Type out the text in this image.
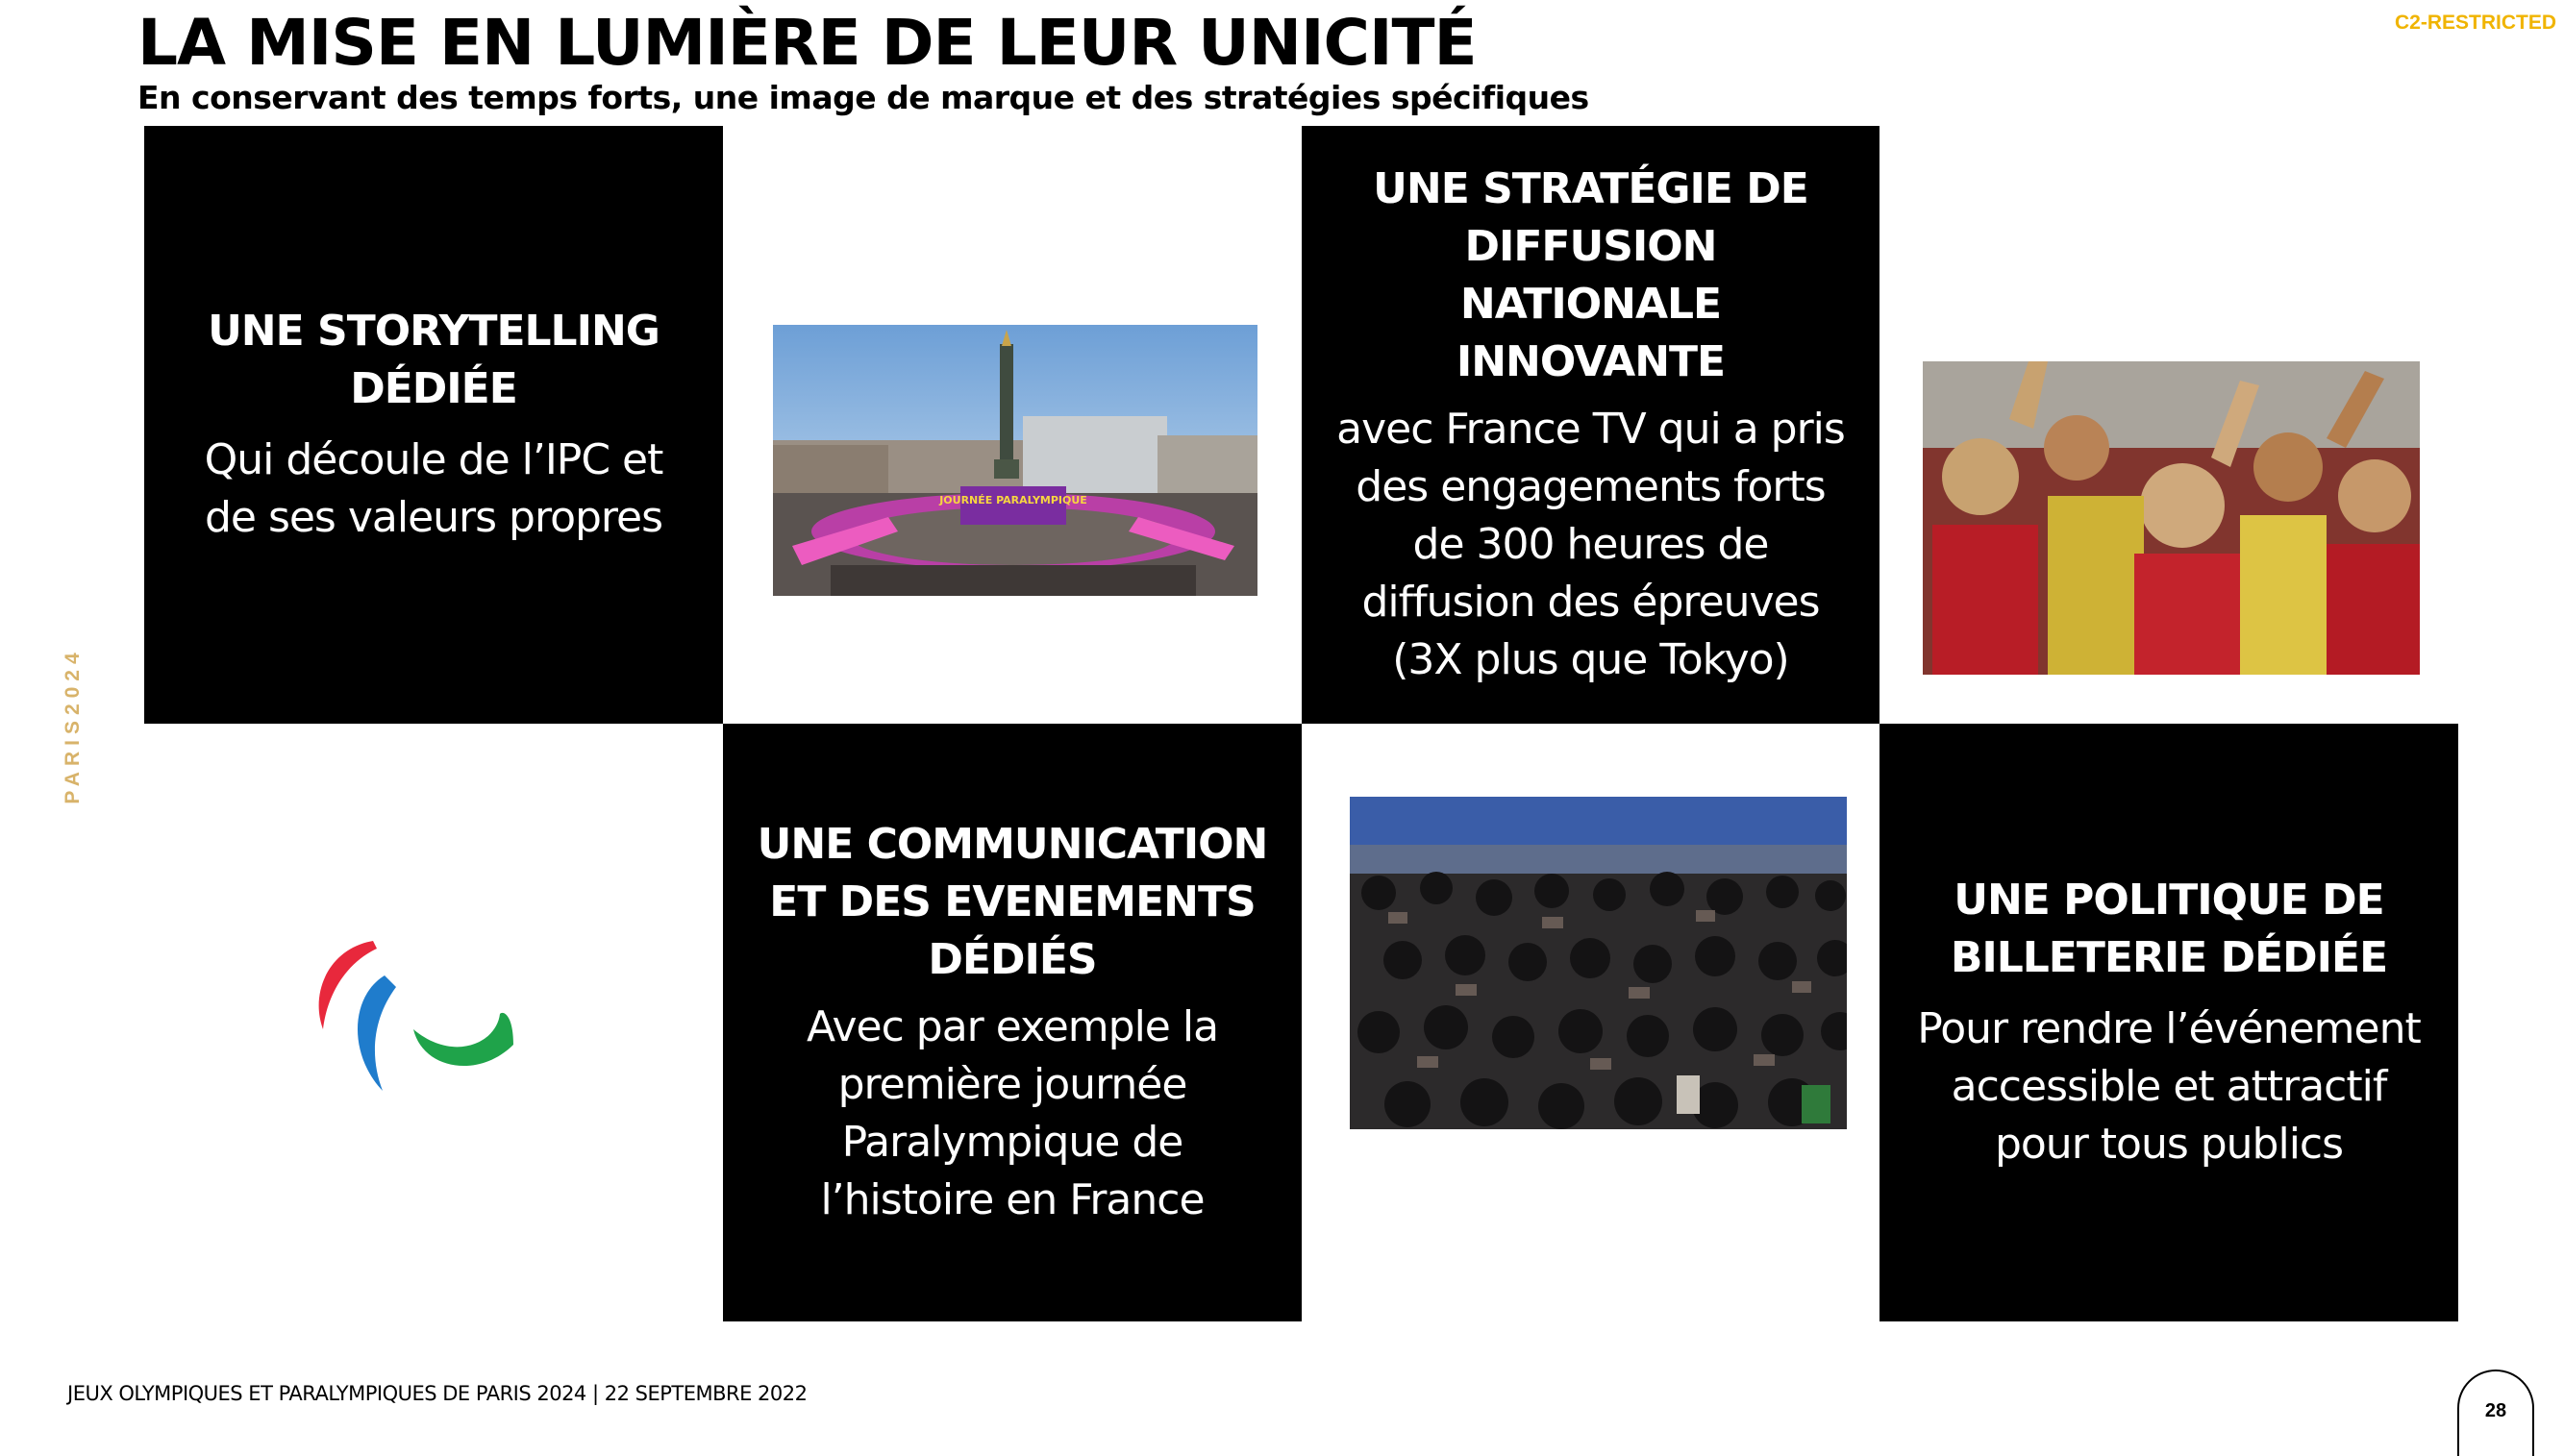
LA MISE EN LUMIÈRE DE LEUR UNICITÉ

En conservant des temps forts, une image de marque et des stratégies spécifiques

C2-RESTRICTED

PARIS2024

UNE STORYTELLING
DÉDIÉE

Qui découle de l’IPC et
de ses valeurs propres	JOURNÉE PARALYMPIQUE

UNE STRATÉGIE DE
DIFFUSION NATIONALE
INNOVANTE

avec France TV qui a pris
des engagements forts
de 300 heures de
diffusion des épreuves
(3X plus que Tokyo)

UNE COMMUNICATION
ET DES EVENEMENTS
DÉDIÉS

Avec par exemple la
première journée
Paralympique de
l’histoire en France

UNE POLITIQUE DE
BILLETERIE DÉDIÉE

Pour rendre l’événement
accessible et attractif
pour tous publics

JEUX OLYMPIQUES ET PARALYMPIQUES DE PARIS 2024 | 22 SEPTEMBRE 2022

28
